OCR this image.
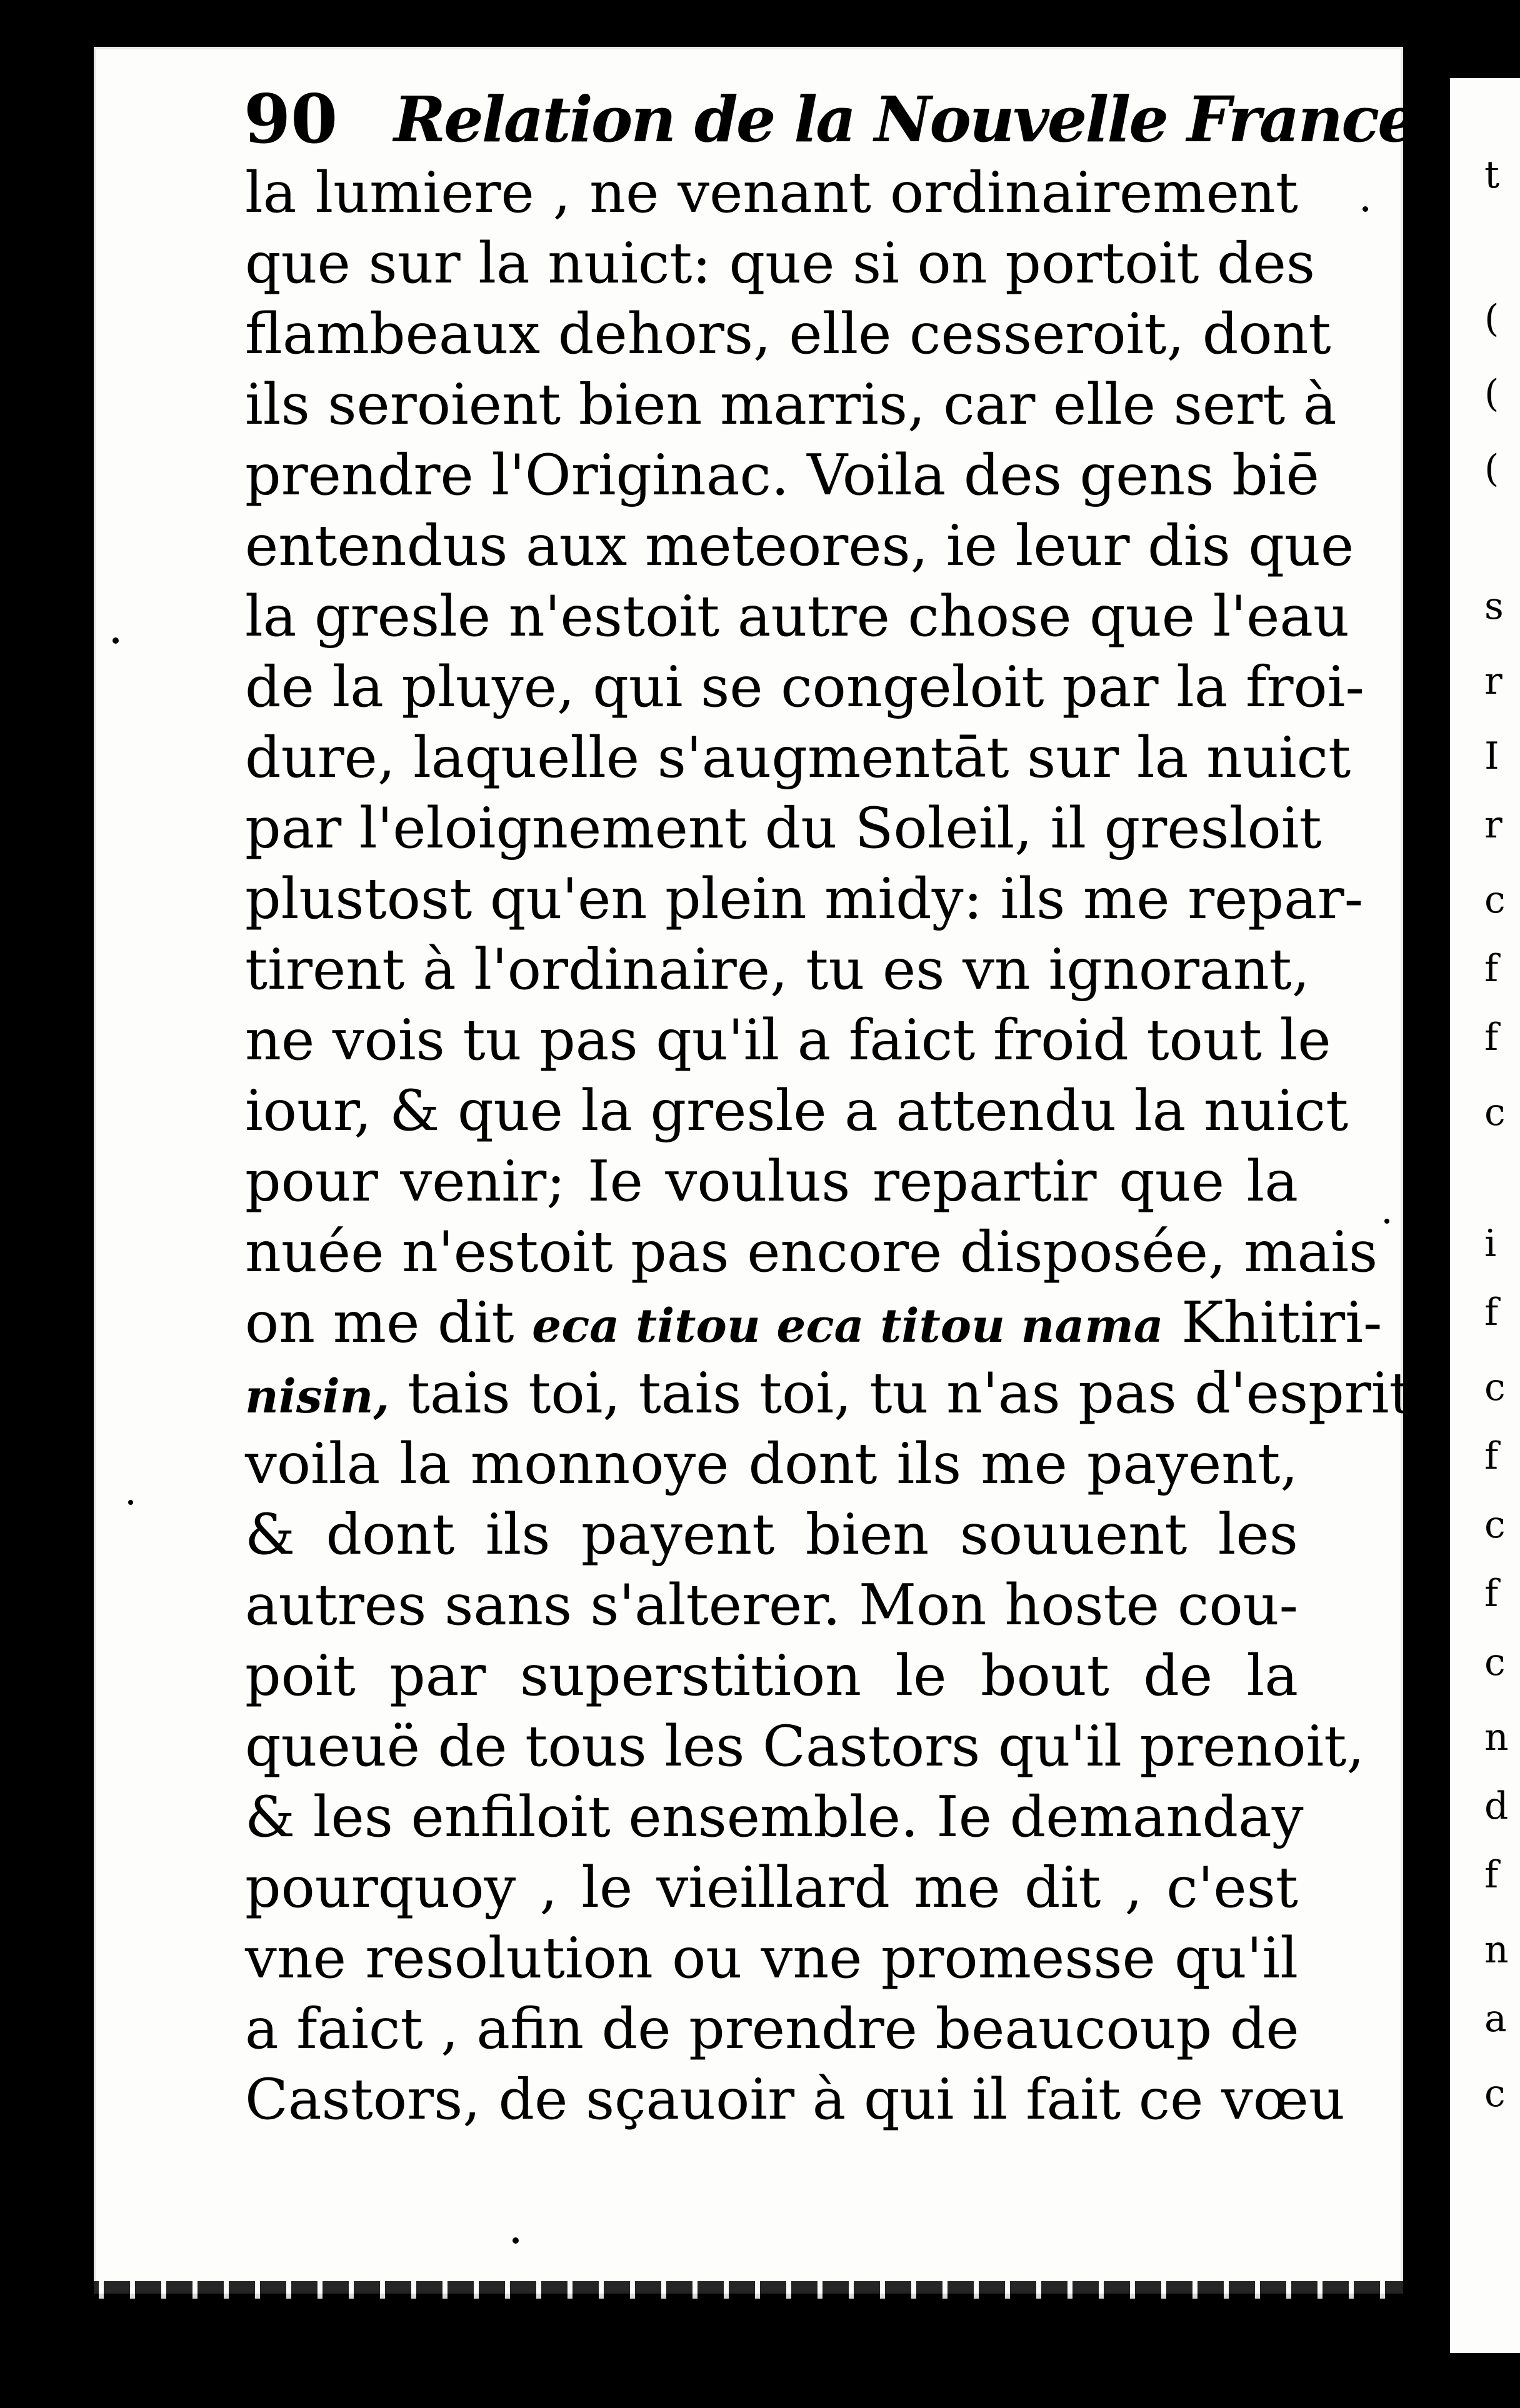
t
(
(
(
s
r
I
r
c
f
f
c
i
f
c
f
c
f
c
n
d
f
n
a
c
90 Relation de la Nouvelle France,
la lumiere , ne venant ordinairement
que sur la nuict: que si on portoit des
flambeaux dehors, elle cesseroit, dont
ils seroient bien marris, car elle sert à
prendre l'Originac. Voila des gens biē
entendus aux meteores, ie leur dis que
la gresle n'estoit autre chose que l'eau
de la pluye, qui se congeloit par la froi-
dure, laquelle s'augmentāt sur la nuict
par l'eloignement du Soleil, il gresloit
plustost qu'en plein midy: ils me repar-
tirent à l'ordinaire, tu es vn ignorant,
ne vois tu pas qu'il a faict froid tout le
iour, & que la gresle a attendu la nuict
pour venir; Ie voulus repartir que la
nuée n'estoit pas encore disposée, mais
on me dit eca titou eca titou nama Khitiri-
nisin, tais toi, tais toi, tu n'as pas d'esprit:
voila la monnoye dont ils me payent,
& dont ils payent bien souuent les
autres sans s'alterer. Mon hoste cou-
poit par superstition le bout de la
queuë de tous les Castors qu'il prenoit,
& les enfiloit ensemble. Ie demanday
pourquoy , le vieillard me dit , c'est
vne resolution ou vne promesse qu'il
a faict , afin de prendre beaucoup de
Castors, de sçauoir à qui il fait ce vœu
